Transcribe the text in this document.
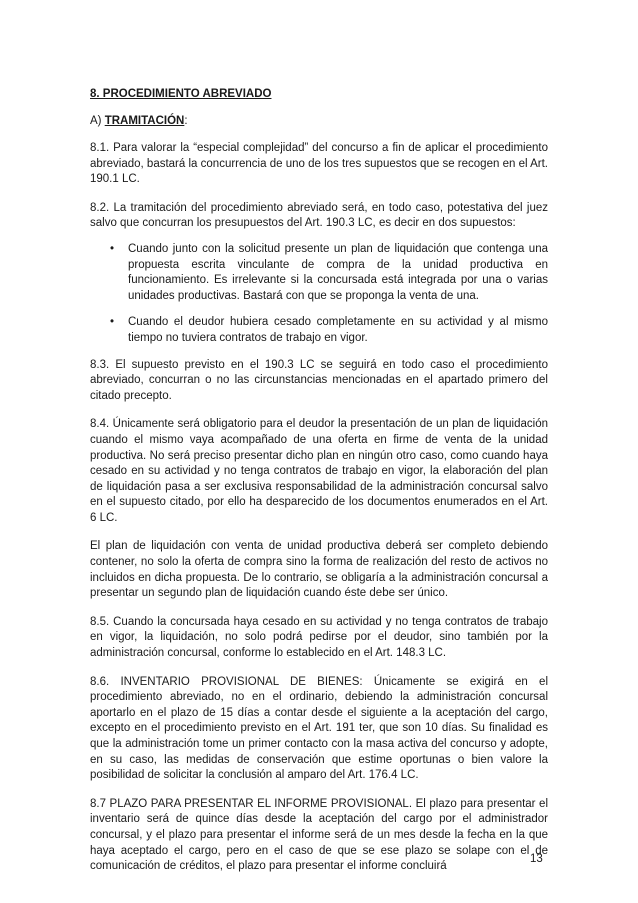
8. PROCEDIMIENTO ABREVIADO
A) TRAMITACIÓN:

8.1. Para valorar la “especial complejidad” del concurso a fin de aplicar el procedimiento abreviado, bastará la concurrencia de uno de los tres supuestos que se recogen en el Art. 190.1 LC.

8.2. La tramitación del procedimiento abreviado será, en todo caso, potestativa del juez salvo que concurran los presupuestos del Art. 190.3 LC, es decir en dos supuestos:

• Cuando junto con la solicitud presente un plan de liquidación que contenga una propuesta escrita vinculante de compra de la unidad productiva en funcionamiento. Es irrelevante si la concursada está integrada por una o varias unidades productivas. Bastará con que se proponga la venta de una.
• Cuando el deudor hubiera cesado completamente en su actividad y al mismo tiempo no tuviera contratos de trabajo en vigor.

8.3. El supuesto previsto en el 190.3 LC se seguirá en todo caso el procedimiento abreviado, concurran o no las circunstancias mencionadas en el apartado primero del citado precepto.

8.4. Únicamente será obligatorio para el deudor la presentación de un plan de liquidación cuando el mismo vaya acompañado de una oferta en firme de venta de la unidad productiva. No será preciso presentar dicho plan en ningún otro caso, como cuando haya cesado en su actividad y no tenga contratos de trabajo en vigor, la elaboración del plan de liquidación pasa a ser exclusiva responsabilidad de la administración concursal salvo en el supuesto citado, por ello ha desparecido de los documentos enumerados en el Art. 6 LC.

El plan de liquidación con venta de unidad productiva deberá ser completo debiendo contener, no solo la oferta de compra sino la forma de realización del resto de activos no incluidos en dicha propuesta. De lo contrario, se obligaría a la administración concursal a presentar un segundo plan de liquidación cuando éste debe ser único.

8.5. Cuando la concursada haya cesado en su actividad y no tenga contratos de trabajo en vigor, la liquidación, no solo podrá pedirse por el deudor, sino también por la administración concursal, conforme lo establecido en el Art. 148.3 LC.

8.6. INVENTARIO PROVISIONAL DE BIENES: Únicamente se exigirá en el procedimiento abreviado, no en el ordinario, debiendo la administración concursal aportarlo en el plazo de 15 días a contar desde el siguiente a la aceptación del cargo, excepto en el procedimiento previsto en el Art. 191 ter, que son 10 días. Su finalidad es que la administración tome un primer contacto con la masa activa del concurso y adopte, en su caso, las medidas de conservación que estime oportunas o bien valore la posibilidad de solicitar la conclusión al amparo del Art. 176.4 LC.

8.7 PLAZO PARA PRESENTAR EL INFORME PROVISIONAL. El plazo para presentar el inventario será de quince días desde la aceptación del cargo por el administrador concursal, y el plazo para presentar el informe será de un mes desde la fecha en la que haya aceptado el cargo, pero en el caso de que se ese plazo se solape con el de comunicación de créditos, el plazo para presentar el informe concluirá

13
